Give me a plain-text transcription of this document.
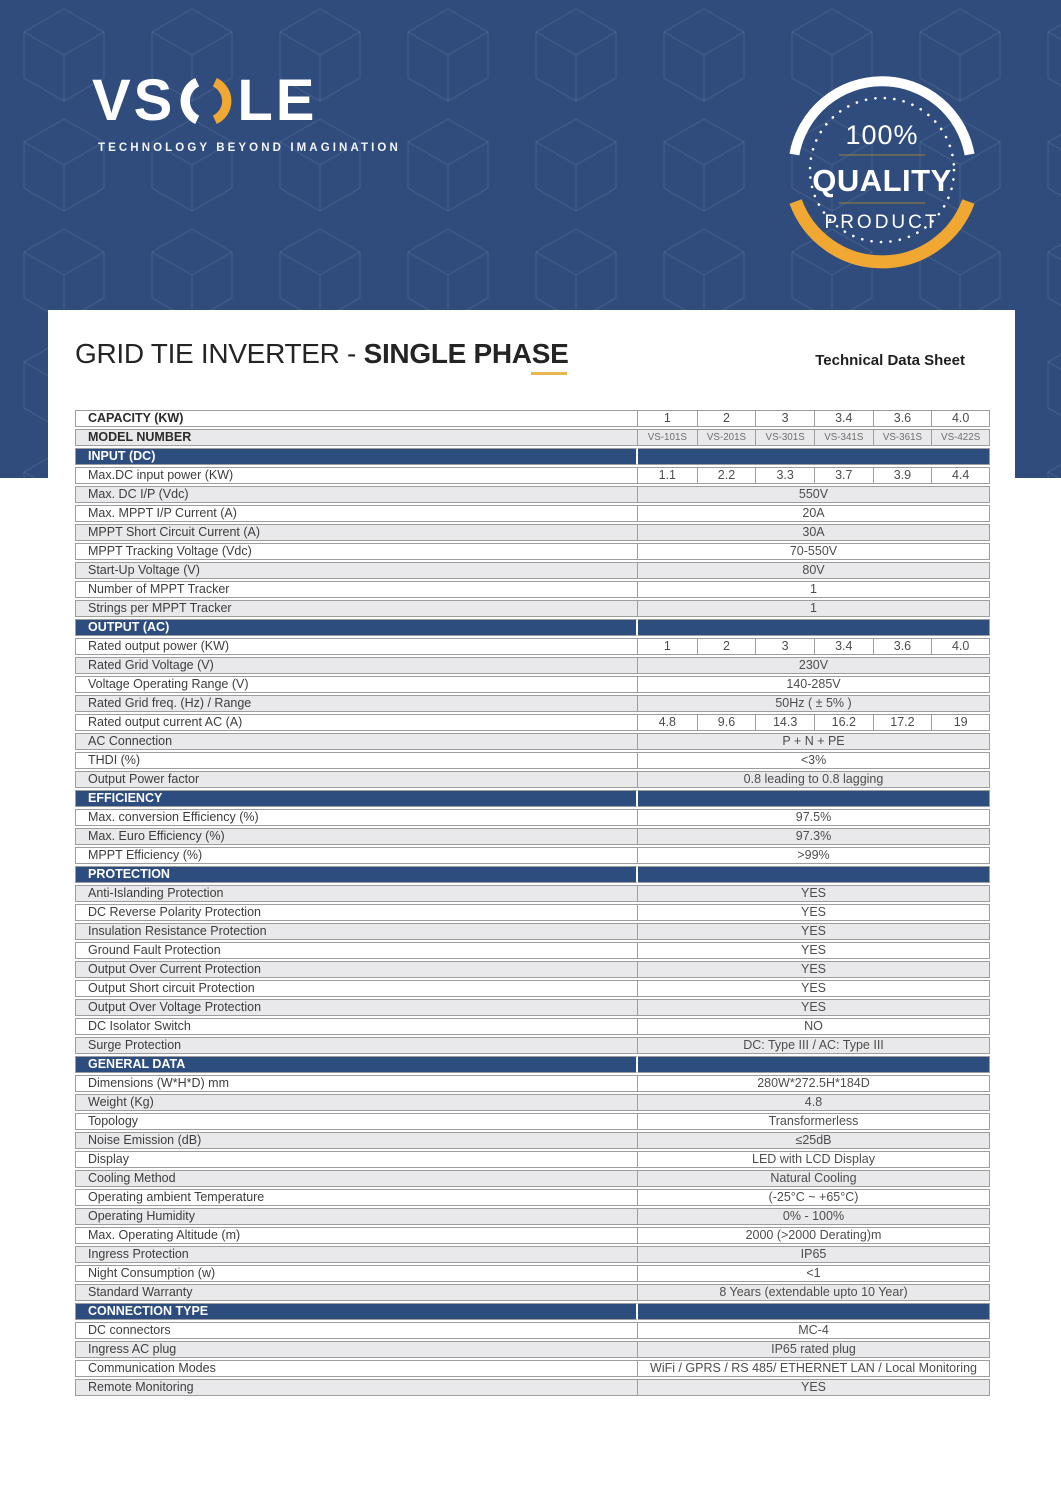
VS LE
TECHNOLOGY BEYOND IMAGINATION	100%
QUALITY
PRODUCT
GRID TIE INVERTER - SINGLE PHASE	Technical Data Sheet
CAPACITY (KW)	1	2	3	3.4	3.6	4.0
MODEL NUMBER	VS-101S	VS-201S	VS-301S	VS-341S	VS-361S	VS-422S
INPUT (DC)						
Max.DC input power (KW)	1.1	2.2	3.3	3.7	3.9	4.4
Max. DC I/P (Vdc)	550V					
Max. MPPT I/P Current (A)	20A					
MPPT Short Circuit Current (A)	30A					
MPPT Tracking Voltage (Vdc)	70-550V					
Start-Up Voltage (V)	80V					
Number of MPPT Tracker	1					
Strings per MPPT Tracker	1					
OUTPUT (AC)						
Rated output power (KW)	1	2	3	3.4	3.6	4.0
Rated Grid Voltage (V)	230V					
Voltage Operating Range (V)	140-285V					
Rated Grid freq. (Hz) / Range	50Hz ( ± 5% )					
Rated output current AC (A)	4.8	9.6	14.3	16.2	17.2	19
AC Connection	P + N + PE					
THDI (%)	<3%					
Output Power factor	0.8 leading to 0.8 lagging					
EFFICIENCY						
Max. conversion Efficiency (%)	97.5%					
Max. Euro Efficiency (%)	97.3%					
MPPT Efficiency (%)	>99%					
PROTECTION						
Anti-Islanding Protection	YES					
DC Reverse Polarity Protection	YES					
Insulation Resistance Protection	YES					
Ground Fault Protection	YES					
Output Over Current Protection	YES					
Output Short circuit Protection	YES					
Output Over Voltage Protection	YES					
DC Isolator Switch	NO					
Surge Protection	DC: Type III / AC: Type III					
GENERAL DATA						
Dimensions (W*H*D) mm	280W*272.5H*184D					
Weight (Kg)	4.8					
Topology	Transformerless					
Noise Emission (dB)	≤25dB					
Display	LED with LCD Display					
Cooling Method	Natural Cooling					
Operating ambient Temperature	(-25°C ~ +65°C)					
Operating Humidity	0% - 100%					
Max. Operating Altitude (m)	2000 (>2000 Derating)m					
Ingress Protection	IP65					
Night Consumption (w)	<1					
Standard Warranty	8 Years (extendable upto 10 Year)					
CONNECTION TYPE						
DC connectors	MC-4					
Ingress AC plug	IP65 rated plug					
Communication Modes	WiFi / GPRS / RS 485/ ETHERNET LAN / Local Monitoring					
Remote Monitoring	YES					
